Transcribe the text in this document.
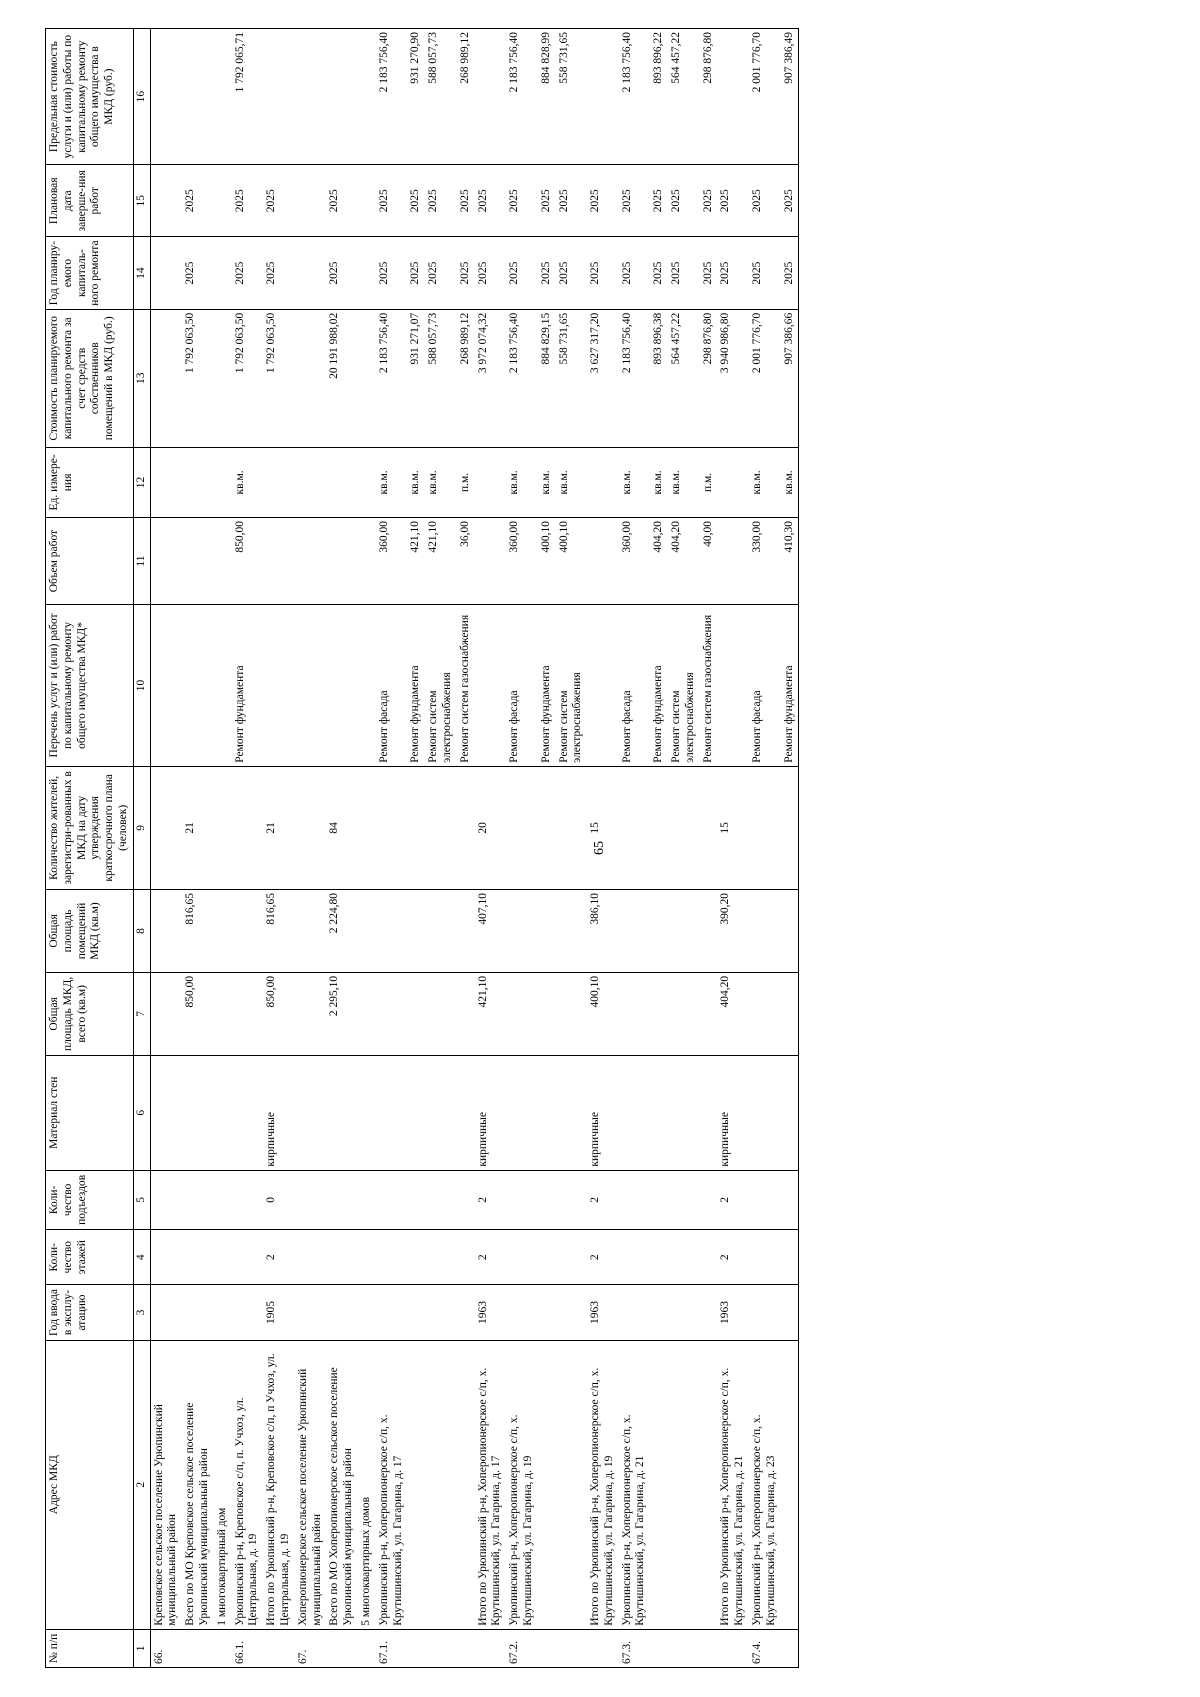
65
№ п/п	Адрес МКД	Год ввода в эксплу-атацию	Коли-чество этажей	Коли-чество подъездов	Материал стен	Общая площадь МКД, всего (кв.м)	Общая площадь помещений МКД (кв.м)	Количество жителей, зарегистри-рованных в МКД на дату утверждения краткосрочного плана (человек)	Перечень услуг и (или) работ по капитальному ремонту общего имущества МКД*	Объем работ	Ед. измере-ния	Стоимость планируемого капитального ремонта за счет средств собственников помещений в МКД (руб.)	Год планиру-емого капиталь-ного ремонта	Плановая дата заверше-ния работ	Предельная стоимость услуги и (или) работы по капитальному ремонту общего имущества в МКД (руб.)
1	2	3	4	5	6	7	8	9	10	11	12	13	14	15	16
66.	Креповское сельское поселение Урюпинский муниципальный район														
	Всего по МО Креповское сельское поселение Урюпинский муниципальный район					850,00	816,65	21				1 792 063,50	2025	2025	
	1 многоквартирный дом														
66.1.	Урюпинский р-н, Креповское с/п, п. Учхоз, ул. Центральная, д. 19								Ремонт фундамента	850,00	кв.м.	1 792 063,50	2025	2025	1 792 065,71
	Итого по Урюпинский р-н, Креповское с/п, п Учхоз, ул. Центральная, д. 19	1905	2	0	кирпичные	850,00	816,65	21				1 792 063,50	2025	2025	
67.	Хоперопионерское сельское поселение Урюпинский муниципальный район														
	Всего по МО Хоперопионерское сельское поселение Урюпинский муниципальный район					2 295,10	2 224,80	84				20 191 988,02	2025	2025	
	5 многоквартирных домов														
67.1.	Урюпинский р-н, Хоперопионерское с/п, х. Крутишинский, ул. Гагарина, д. 17								Ремонт фасада	360,00	кв.м.	2 183 756,40	2025	2025	2 183 756,40
									Ремонт фундамента	421,10	кв.м.	931 271,07	2025	2025	931 270,90
									Ремонт систем электроснабжения	421,10	кв.м.	588 057,73	2025	2025	588 057,73
									Ремонт систем газоснабжения	36,00	п.м.	268 989,12	2025	2025	268 989,12
	Итого по Урюпинский р-н, Хоперопионерское с/п, х. Крутишинский, ул. Гагарина, д. 17	1963	2	2	кирпичные	421,10	407,10	20				3 972 074,32	2025	2025	
67.2.	Урюпинский р-н, Хоперопионерское с/п, х. Крутишинский, ул. Гагарина, д. 19								Ремонт фасада	360,00	кв.м.	2 183 756,40	2025	2025	2 183 756,40
									Ремонт фундамента	400,10	кв.м.	884 829,15	2025	2025	884 828,99
									Ремонт систем электроснабжения	400,10	кв.м.	558 731,65	2025	2025	558 731,65
	Итого по Урюпинский р-н, Хоперопионерское с/п, х. Крутишинский, ул. Гагарина, д. 19	1963	2	2	кирпичные	400,10	386,10	15				3 627 317,20	2025	2025	
67.3.	Урюпинский р-н, Хоперопионерское с/п, х. Крутишинский, ул. Гагарина, д. 21								Ремонт фасада	360,00	кв.м.	2 183 756,40	2025	2025	2 183 756,40
									Ремонт фундамента	404,20	кв.м.	893 896,38	2025	2025	893 896,22
									Ремонт систем электроснабжения	404,20	кв.м.	564 457,22	2025	2025	564 457,22
									Ремонт систем газоснабжения	40,00	п.м.	298 876,80	2025	2025	298 876,80
	Итого по Урюпинский р-н, Хоперопионерское с/п, х. Крутишинский, ул. Гагарина, д. 21	1963	2	2	кирпичные	404,20	390,20	15				3 940 986,80	2025	2025	
67.4.	Урюпинский р-н, Хоперопионерское с/п, х. Крутишинский, ул. Гагарина, д. 23								Ремонт фасада	330,00	кв.м.	2 001 776,70	2025	2025	2 001 776,70
									Ремонт фундамента	410,30	кв.м.	907 386,66	2025	2025	907 386,49
